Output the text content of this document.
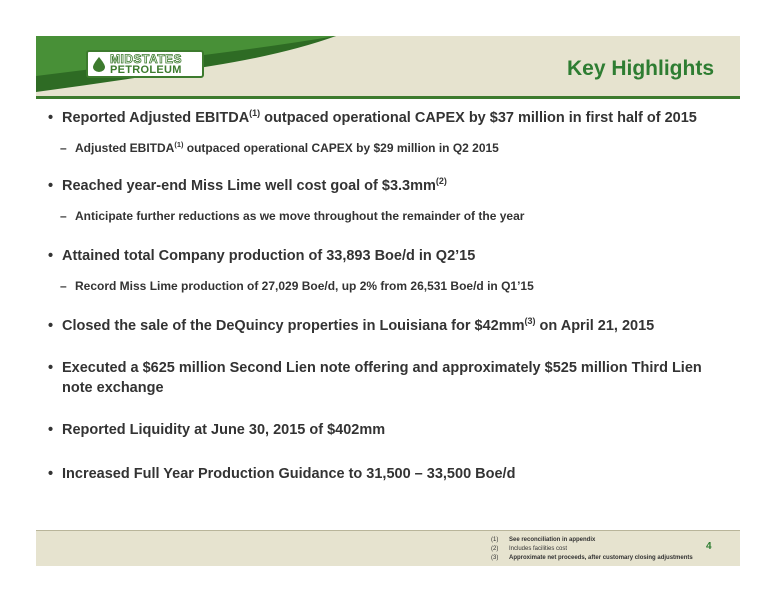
MIDSTATES
PETROLEUM	Key Highlights
• Reported Adjusted EBITDA$^{(1)}$ outpaced operational CAPEX by $37 million in first half of 2015
– Adjusted EBITDA$^{(1)}$ outpaced operational CAPEX by $29 million in Q2 2015
• Reached year-end Miss Lime well cost goal of $\$3.3mm^{(2)}$
– Anticipate further reductions as we move throughout the remainder of the year
• Attained total Company production of 33,893 Boe/d in Q2’15
– Record Miss Lime production of 27,029 Boe/d, up 2% from 26,531 Boe/d in Q1’15
• Closed the sale of the DeQuincy properties in Louisiana for $\$42mm^{(3)}$ on April 21, 2015
• Executed a $625 million Second Lien note offering and approximately $525 million Third Lien note exchange
• Reported Liquidity at June 30, 2015 of $402mm
• Increased Full Year Production Guidance to 31,500 – 33,500 Boe/d
(1)	See reconciliation in appendix
(2)	Includes facilities cost
(3)	Approximate net proceeds, after customary closing adjustments
4
